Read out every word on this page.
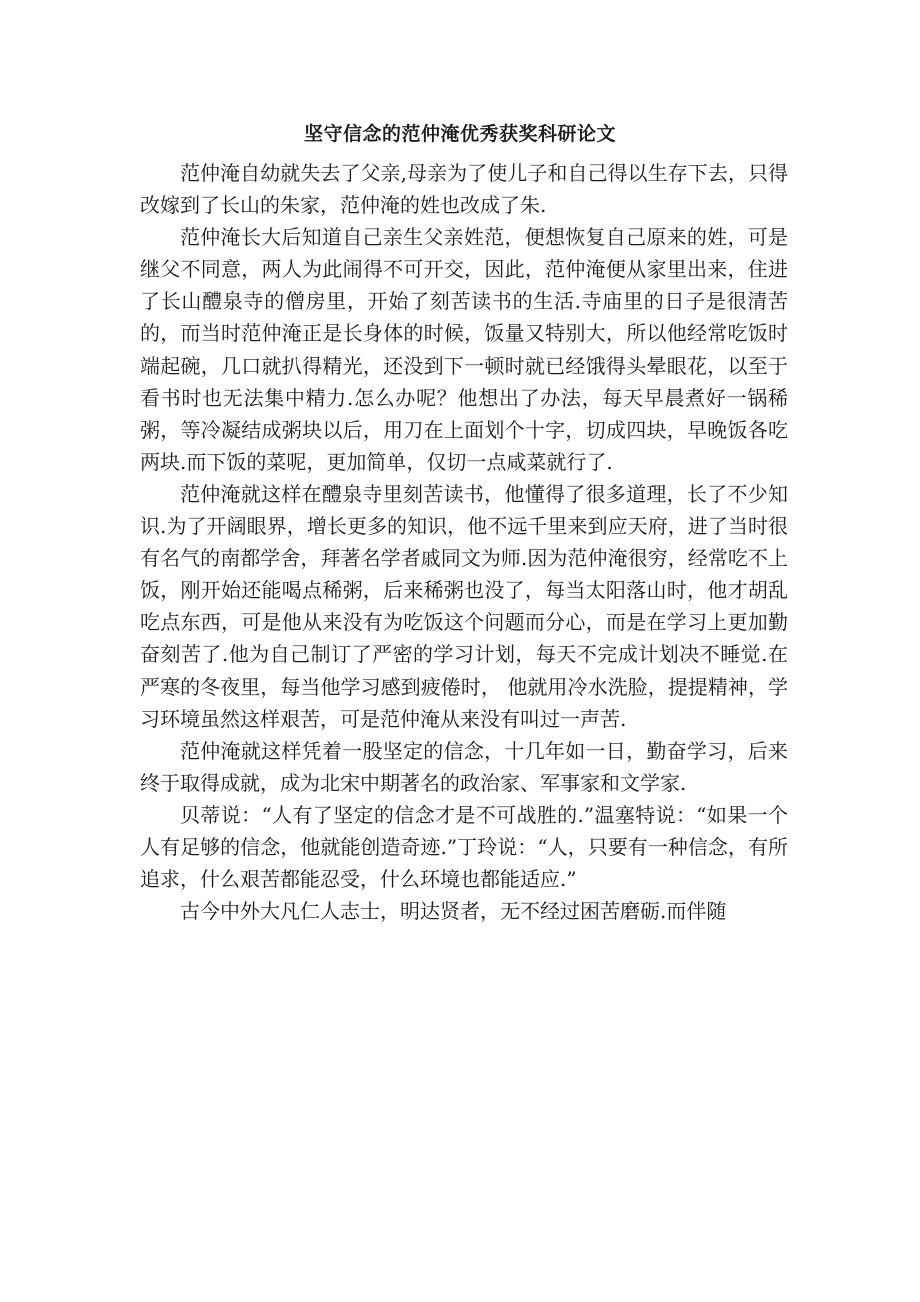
坚守信念的范仲淹优秀获奖科研论文

范仲淹自幼就失去了父亲,母亲为了使儿子和自己得以生存下去，只得改嫁到了长山的朱家，范仲淹的姓也改成了朱.

范仲淹长大后知道自己亲生父亲姓范，便想恢复自己原来的姓，可是继父不同意，两人为此闹得不可开交，因此，范仲淹便从家里出来，住进了长山醴泉寺的僧房里，开始了刻苦读书的生活.寺庙里的日子是很清苦的，而当时范仲淹正是长身体的时候，饭量又特别大，所以他经常吃饭时端起碗，几口就扒得精光，还没到下一顿时就已经饿得头晕眼花，以至于看书时也无法集中精力.怎么办呢？他想出了办法，每天早晨煮好一锅稀粥，等冷凝结成粥块以后，用刀在上面划个十字，切成四块，早晚饭各吃两块.而下饭的菜呢，更加简单，仅切一点咸菜就行了.

范仲淹就这样在醴泉寺里刻苦读书，他懂得了很多道理，长了不少知识.为了开阔眼界，增长更多的知识，他不远千里来到应天府，进了当时很有名气的南都学舍，拜著名学者戚同文为师.因为范仲淹很穷，经常吃不上饭，刚开始还能喝点稀粥，后来稀粥也没了，每当太阳落山时，他才胡乱吃点东西，可是他从来没有为吃饭这个问题而分心，而是在学习上更加勤奋刻苦了.他为自己制订了严密的学习计划，每天不完成计划决不睡觉.在严寒的冬夜里，每当他学习感到疲倦时， 他就用冷水洗脸，提提精神，学习环境虽然这样艰苦，可是范仲淹从来没有叫过一声苦.

范仲淹就这样凭着一股坚定的信念，十几年如一日，勤奋学习，后来终于取得成就，成为北宋中期著名的政治家、军事家和文学家.

贝蒂说：“人有了坚定的信念才是不可战胜的.”温塞特说：“如果一个人有足够的信念，他就能创造奇迹.”丁玲说：“人，只要有一种信念，有所追求，什么艰苦都能忍受，什么环境也都能适应.”

古今中外大凡仁人志士，明达贤者，无不经过困苦磨砺.而伴随
